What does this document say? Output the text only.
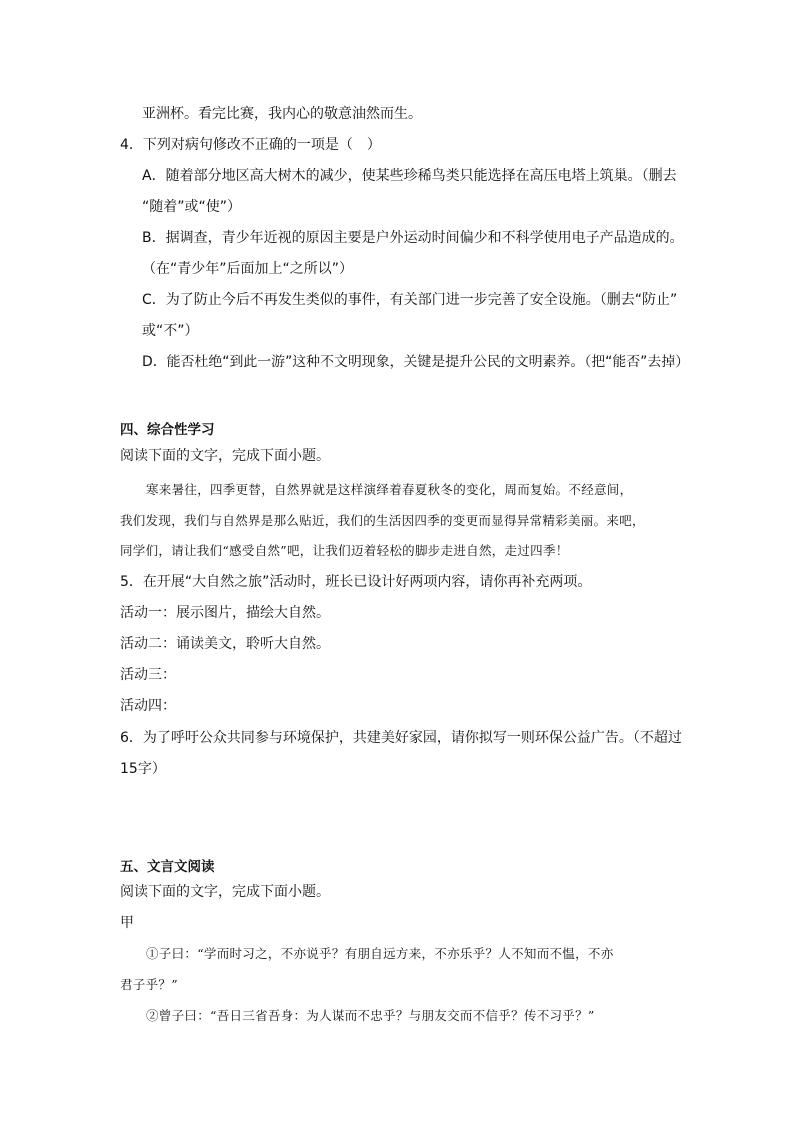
亚洲杯。看完比赛，我内心的敬意油然而生。
4．下列对病句修改不正确的一项是（　）
A．随着部分地区高大树木的减少，使某些珍稀鸟类只能选择在高压电塔上筑巢。（删去
“随着”或“使”）
B．据调查，青少年近视的原因主要是户外运动时间偏少和不科学使用电子产品造成的。
（在“青少年”后面加上“之所以”）
C．为了防止今后不再发生类似的事件，有关部门进一步完善了安全设施。（删去“防止”
或“不”）
D．能否杜绝“到此一游”这种不文明现象，关键是提升公民的文明素养。（把“能否”去掉）
四、综合性学习
阅读下面的文字，完成下面小题。
寒来暑往，四季更替，自然界就是这样演绎着春夏秋冬的变化，周而复始。不经意间，
我们发现，我们与自然界是那么贴近，我们的生活因四季的变更而显得异常精彩美丽。来吧，
同学们，请让我们“感受自然”吧，让我们迈着轻松的脚步走进自然，走过四季！
5．在开展“大自然之旅”活动时，班长已设计好两项内容，请你再补充两项。
活动一：展示图片，描绘大自然。
活动二：诵读美文，聆听大自然。
活动三：
活动四：
6．为了呼吁公众共同参与环境保护，共建美好家园，请你拟写一则环保公益广告。（不超过
15字）
五、文言文阅读
阅读下面的文字，完成下面小题。
甲
①子曰：“学而时习之，不亦说乎？有朋自远方来，不亦乐乎？人不知而不愠，不亦
君子乎？”
②曾子曰：“吾日三省吾身：为人谋而不忠乎？与朋友交而不信乎？传不习乎？”
